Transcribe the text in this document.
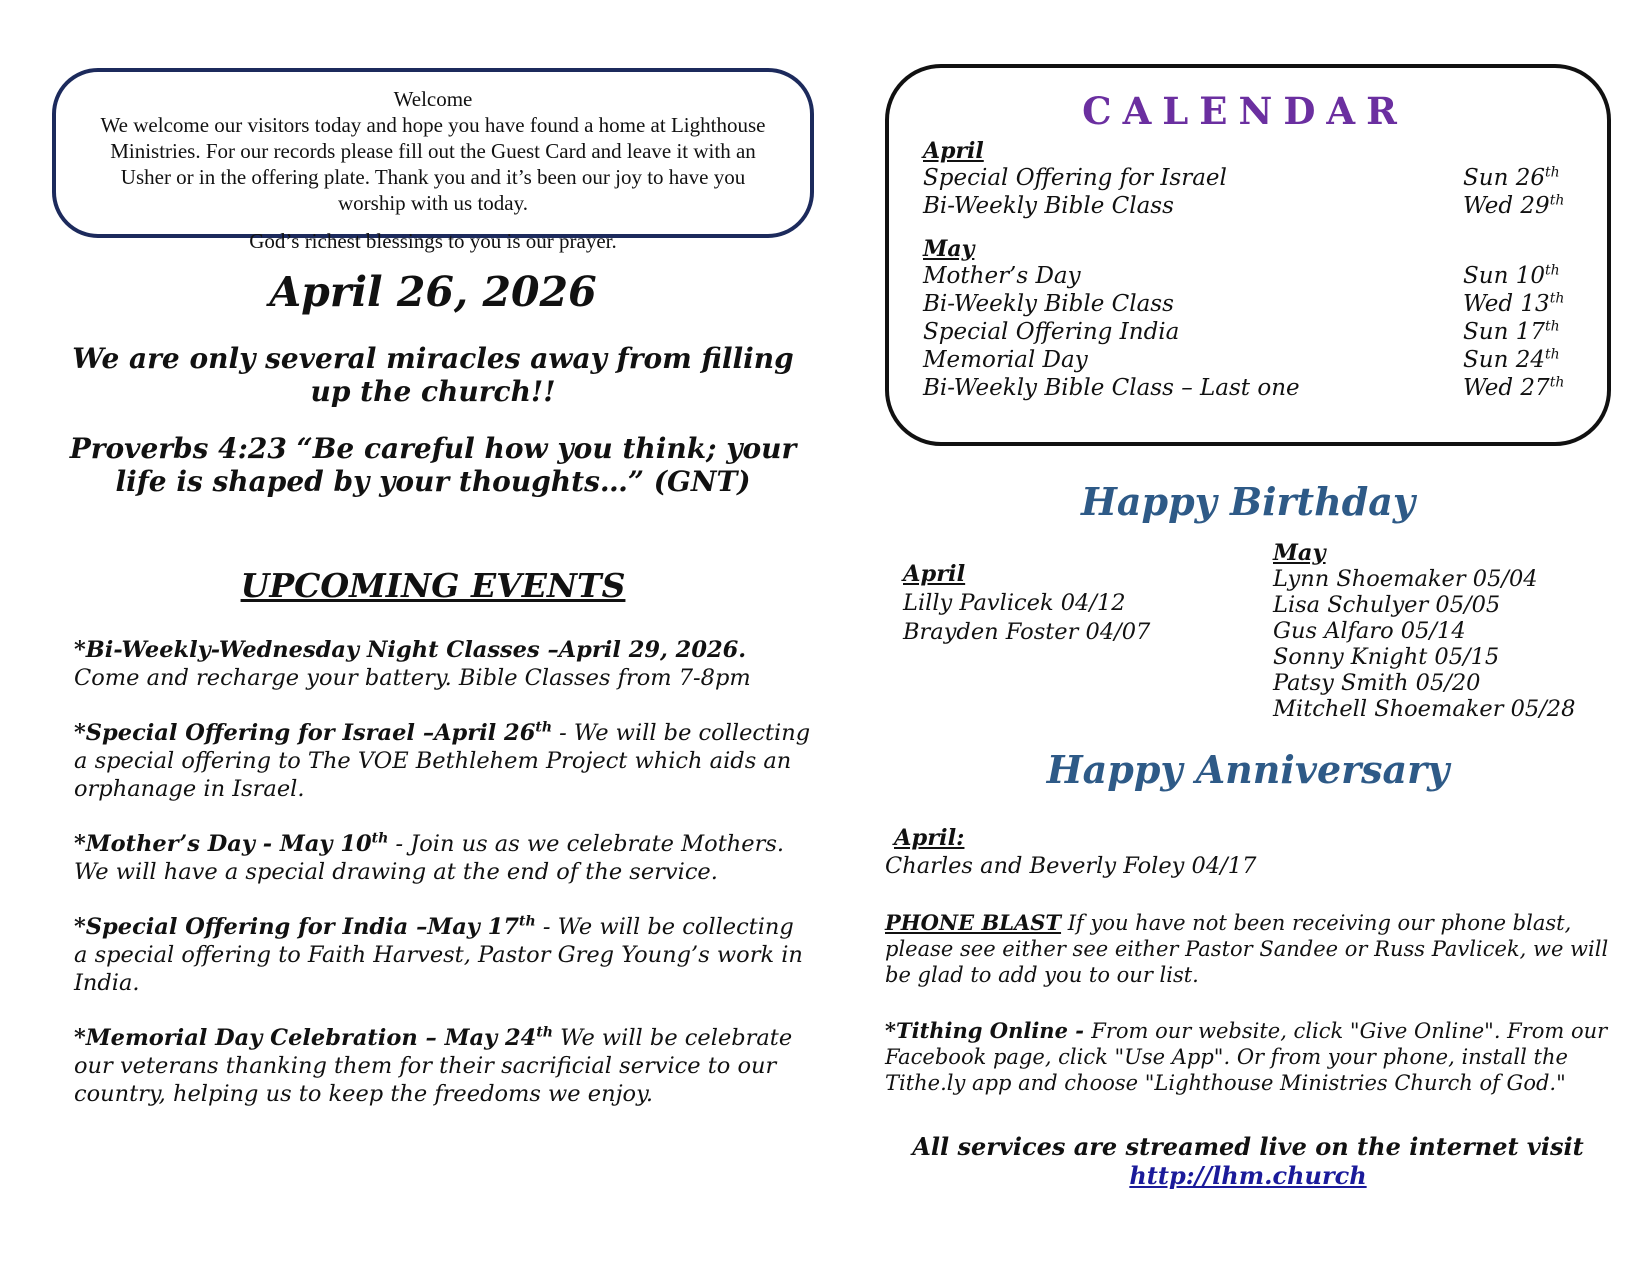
Welcome

We welcome our visitors today and hope you have found a home at Lighthouse Ministries. For our records please fill out the Guest Card and leave it with an Usher or in the offering plate. Thank you and it’s been our joy to have you worship with us today.

God’s richest blessings to you is our prayer.

April 26, 2026

We are only several miracles away from filling up the church!!

Proverbs 4:23 “Be careful how you think; your life is shaped by your thoughts…” (GNT)

UPCOMING EVENTS

*Bi-Weekly-Wednesday Night Classes –April 29, 2026. Come and recharge your battery. Bible Classes from 7-8pm

*Special Offering for Israel –April 26th - We will be collecting a special offering to The VOE Bethlehem Project which aids an orphanage in Israel.

*Mother’s Day - May 10th - Join us as we celebrate Mothers. We will have a special drawing at the end of the service.

*Special Offering for India –May 17th - We will be collecting a special offering to Faith Harvest, Pastor Greg Young’s work in India.

*Memorial Day Celebration – May 24th We will be celebrate our veterans thanking them for their sacrificial service to our country, helping us to keep the freedoms we enjoy.

CALENDAR

April

Special Offering for Israel	Sun 26th
Bi-Weekly Bible Class	Wed 29th

May

Mother’s Day	Sun 10th
Bi-Weekly Bible Class	Wed 13th
Special Offering India	Sun 17th
Memorial Day	Sun 24th
Bi-Weekly Bible Class – Last one	Wed 27th
Happy Birthday
April
Lilly Pavlicek 04/12
Brayden Foster 04/07
May
Lynn Shoemaker 05/04
Lisa Schulyer 05/05
Gus Alfaro 05/14
Sonny Knight 05/15
Patsy Smith 05/20
Mitchell Shoemaker 05/28
Happy Anniversary

April:

Charles and Beverly Foley 04/17

PHONE BLAST If you have not been receiving our phone blast, please see either see either Pastor Sandee or Russ Pavlicek, we will be glad to add you to our list.

*Tithing Online - From our website, click "Give Online". From our Facebook page, click "Use App". Or from your phone, install the Tithe.ly app and choose "Lighthouse Ministries Church of God."

All services are streamed live on the internet visit
http://lhm.church
